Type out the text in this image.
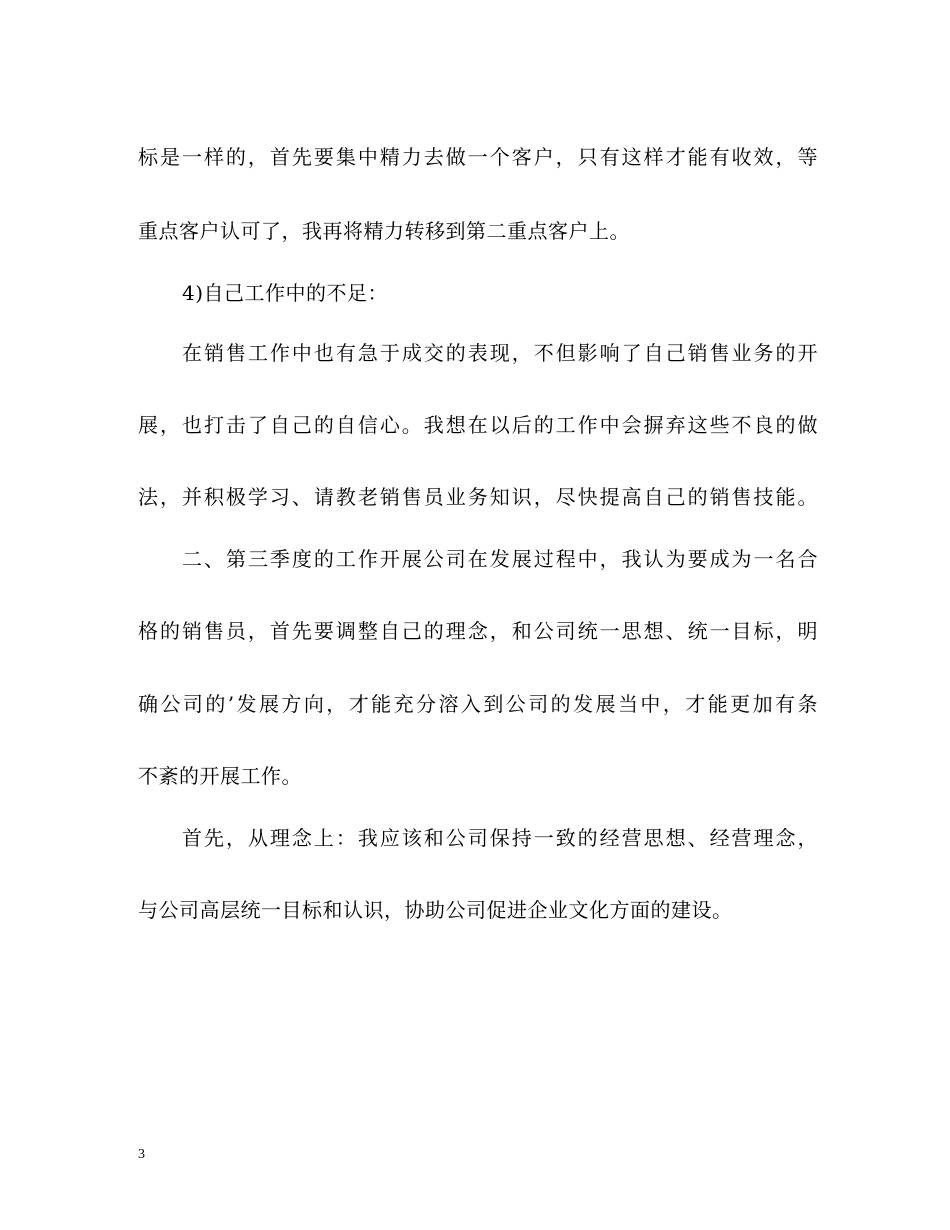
标是一样的，首先要集中精力去做一个客户，只有这样才能有收效，等
重点客户认可了，我再将精力转移到第二重点客户上。
4)自己工作中的不足：
在销售工作中也有急于成交的表现，不但影响了自己销售业务的开
展，也打击了自己的自信心。我想在以后的工作中会摒弃这些不良的做
法，并积极学习、请教老销售员业务知识，尽快提高自己的销售技能。
二、第三季度的工作开展公司在发展过程中，我认为要成为一名合
格的销售员，首先要调整自己的理念，和公司统一思想、统一目标，明
确公司的’发展方向，才能充分溶入到公司的发展当中，才能更加有条
不紊的开展工作。
首先，从理念上：我应该和公司保持一致的经营思想、经营理念，
与公司高层统一目标和认识，协助公司促进企业文化方面的建设。
3
